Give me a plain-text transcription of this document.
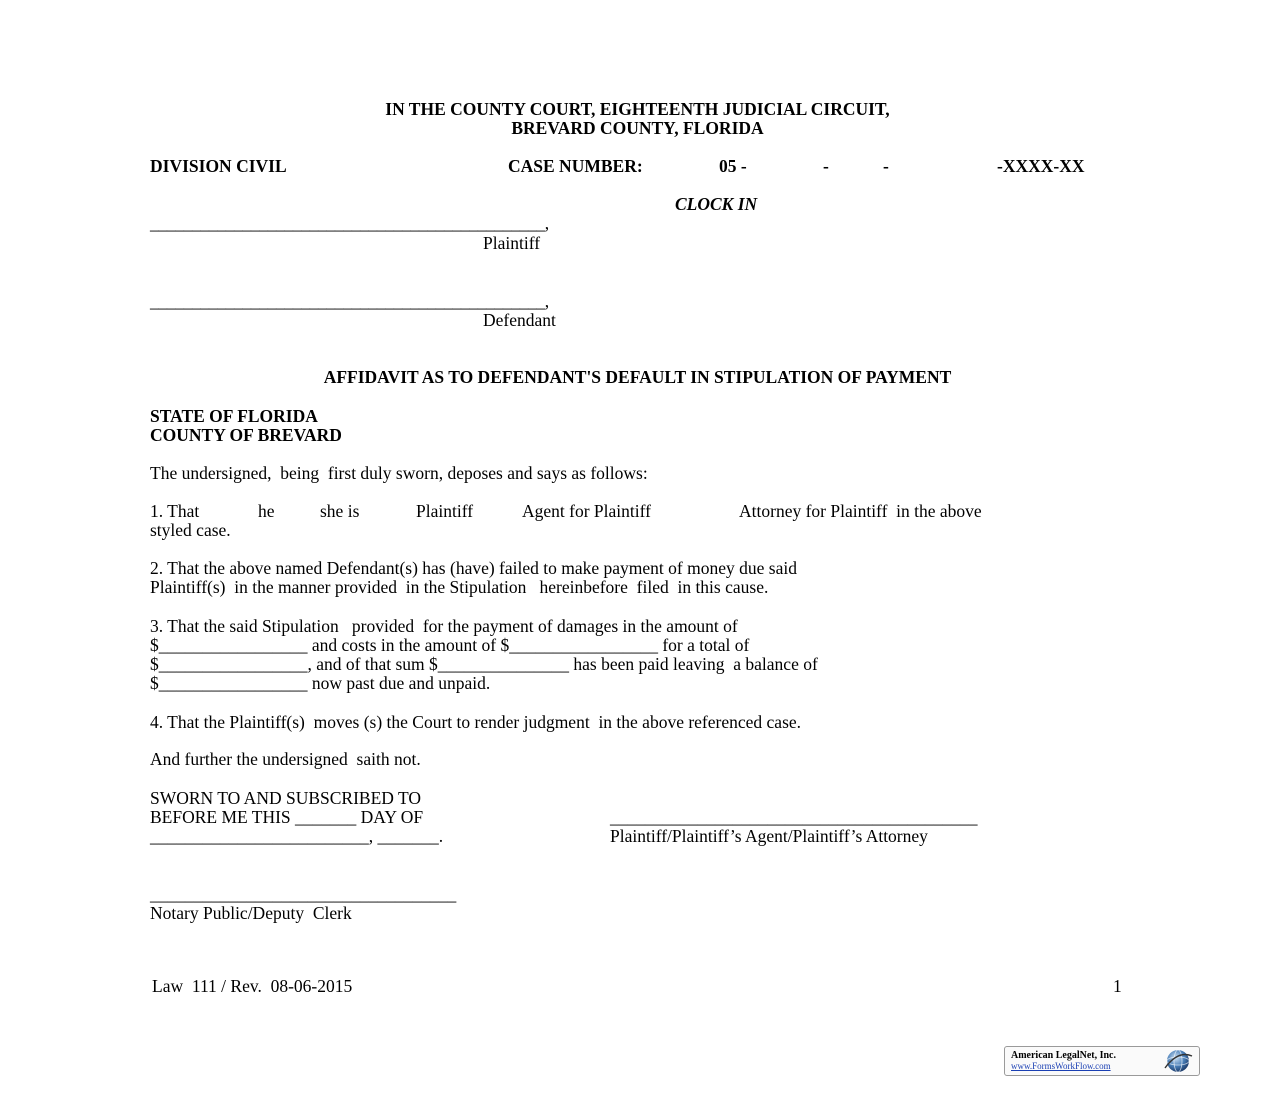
IN THE COUNTY COURT, EIGHTEENTH JUDICIAL CIRCUIT,
BREVARD COUNTY, FLORIDA
DIVISION CIVIL	CASE NUMBER:	05 -	-	-	-XXXX-XX
CLOCK IN
_______________________________________________,
Plaintiff
_______________________________________________,
Defendant
AFFIDAVIT AS TO DEFENDANT'S DEFAULT IN STIPULATION OF PAYMENT
STATE OF FLORIDA
COUNTY OF BREVARD
The undersigned,  being  first duly sworn, deposes and says as follows:
1. That	he	she is	Plaintiff	Agent for Plaintiff	Attorney for Plaintiff  in the above
styled case.
2. That the above named Defendant(s) has (have) failed to make payment of money due said
Plaintiff(s)  in the manner provided  in the Stipulation   hereinbefore  filed  in this cause.
3. That the said Stipulation   provided  for the payment of damages in the amount of
$_________________ and costs in the amount of $_________________ for a total of
$_________________, and of that sum $_______________ has been paid leaving  a balance of
$_________________ now past due and unpaid.
4. That the Plaintiff(s)  moves (s) the Court to render judgment  in the above referenced case.
And further the undersigned  saith not.
SWORN TO AND SUBSCRIBED TO
BEFORE ME THIS _______ DAY OF
_________________________, _______.
__________________________________________
Plaintiff/Plaintiff’s Agent/Plaintiff’s Attorney
___________________________________
Notary Public/Deputy  Clerk
Law  111 / Rev.  08-06-2015	1
American LegalNet, Inc.
www.FormsWorkFlow.com
